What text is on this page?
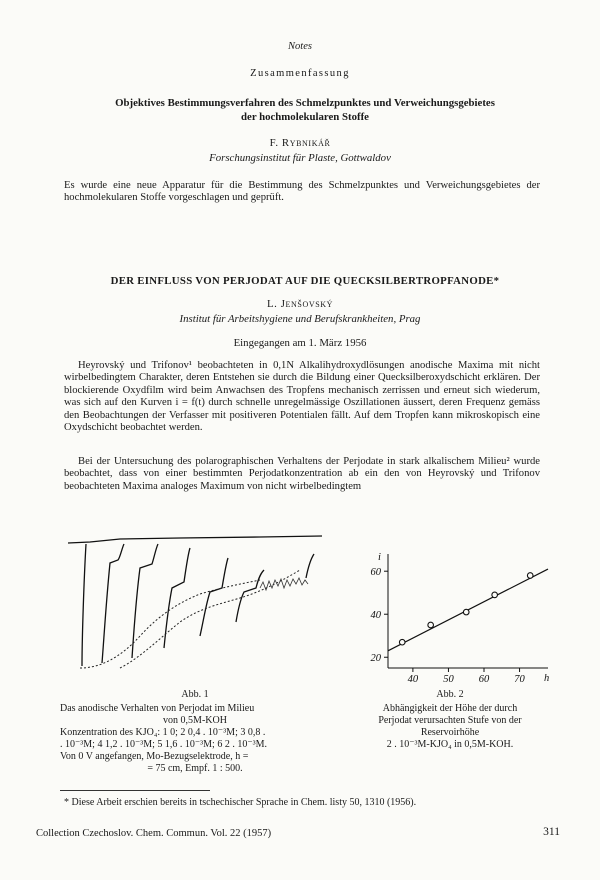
Notes

Zusammenfassung

Objektives Bestimmungsverfahren des Schmelzpunktes und Verweichungsgebietes

der hochmolekularen Stoffe

F. Rybnikář

Forschungsinstitut für Plaste, Gottwaldov

Es wurde eine neue Apparatur für die Bestimmung des Schmelzpunktes und Verweichungsgebietes der hochmolekularen Stoffe vorgeschlagen und geprüft.

DER EINFLUSS VON PERJODAT AUF DIE QUECKSILBERTROPFANODE*

L. Jenšovský

Institut für Arbeitshygiene und Berufskrankheiten, Prag

Eingegangen am 1. März 1956

Heyrovský und Trifonov¹ beobachteten in 0,1N Alkalihydroxydlösungen anodische Maxima mit nicht wirbelbedingtem Charakter, deren Entstehen sie durch die Bildung einer Quecksilberoxydschicht erklären. Der blockierende Oxydfilm wird beim Anwachsen des Tropfens mechanisch zerrissen und erneut sich wiederum, was sich auf den Kurven i = f(t) durch schnelle unregelmässige Oszillationen äussert, deren Frequenz gemäss den Beobachtungen der Verfasser mit positiveren Potentialen fällt. Auf dem Tropfen kann mikroskopisch eine Oxydschicht beobachtet werden.

Bei der Untersuchung des polarographischen Verhaltens der Perjodate in stark alkalischem Milieu² wurde beobachtet, dass von einer bestimmten Perjodatkonzentration ab ein den von Heyrovský und Trifonov beobachteten Maxima analoges Maximum von nicht wirbelbedingtem

Abb. 1

Das anodische Verhalten von Perjodat im Milieu

von 0,5M-KOH

Konzentration des KJO₄: 1 0; 2 0,4 . 10⁻³M; 3 0,8 .

. 10⁻³M; 4 1,2 . 10⁻³M; 5 1,6 . 10⁻³M; 6 2 . 10⁻³M.

Von 0 V angefangen, Mo-Bezugselektrode, h =

= 75 cm, Empf. 1 : 500.

i
h
40 50 60 70
20
40
60

Abb. 2

Abhängigkeit der Höhe der durch

Perjodat verursachten Stufe von der

Reservoirhöhe

2 . 10⁻³M-KJO₄ in 0,5M-KOH.

* Diese Arbeit erschien bereits in tschechischer Sprache in Chem. listy 50, 1310 (1956).

Collection Czechoslov. Chem. Commun. Vol. 22 (1957)	311
